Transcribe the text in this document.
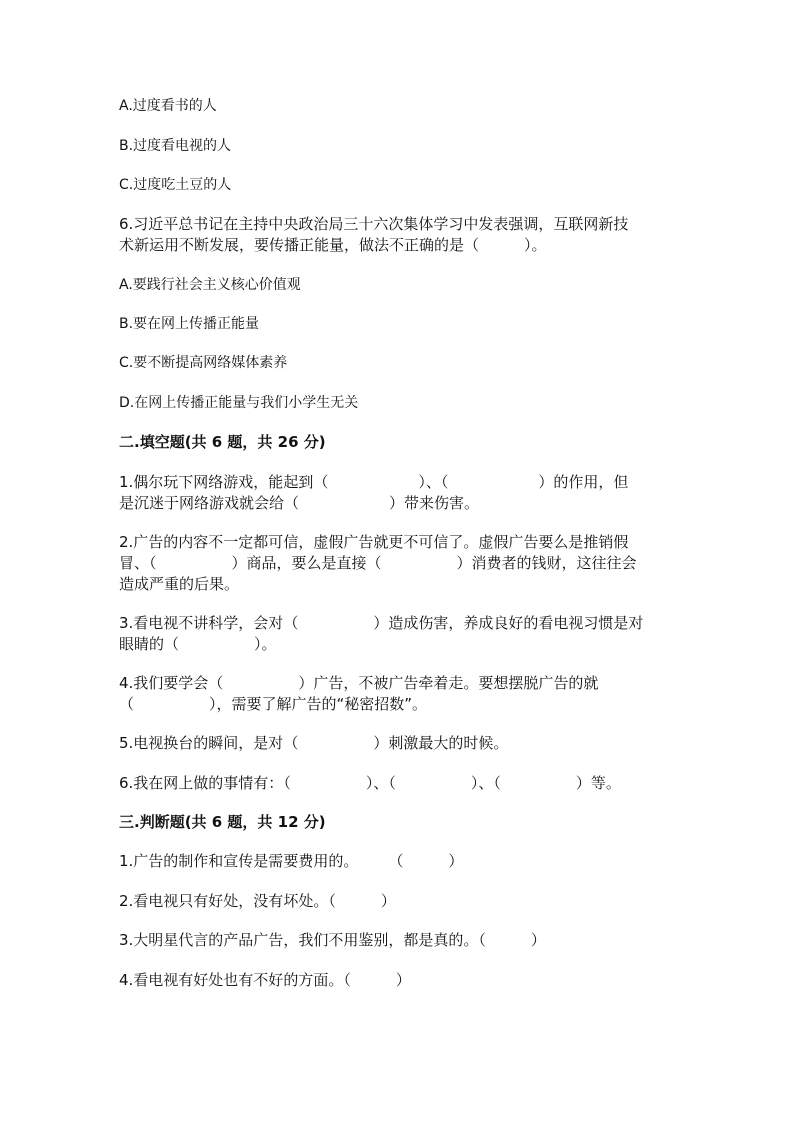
A.过度看书的人
B.过度看电视的人
C.过度吃土豆的人
6.习近平总书记在主持中央政治局三十六次集体学习中发表强调，互联网新技
术新运用不断发展，要传播正能量，做法不正确的是（　　　）。
A.要践行社会主义核心价值观
B.要在网上传播正能量
C.要不断提高网络媒体素养
D.在网上传播正能量与我们小学生无关
二.填空题(共 6 题，共 26 分)
1.偶尔玩下网络游戏，能起到（　　　　　　）、（　　　　　　）的作用，但
是沉迷于网络游戏就会给（　　　　　　）带来伤害。
2.广告的内容不一定都可信，虚假广告就更不可信了。虚假广告要么是推销假
冒、（　　　　　）商品，要么是直接（　　　　　）消费者的钱财，这往往会
造成严重的后果。
3.看电视不讲科学，会对（　　　　　）造成伤害，养成良好的看电视习惯是对
眼睛的（　　　　　）。
4.我们要学会（　　　　　）广告，不被广告牵着走。要想摆脱广告的就
（　　　　　），需要了解广告的“秘密招数”。
5.电视换台的瞬间，是对（　　　　　）刺激最大的时候。
6.我在网上做的事情有：（　　　　　）、（　　　　　）、（　　　　　）等。
三.判断题(共 6 题，共 12 分)
1.广告的制作和宣传是需要费用的。　　　（　　　）
2.看电视只有好处，没有坏处。（　　　）
3.大明星代言的产品广告，我们不用鉴别，都是真的。（　　　）
4.看电视有好处也有不好的方面。（　　　）
